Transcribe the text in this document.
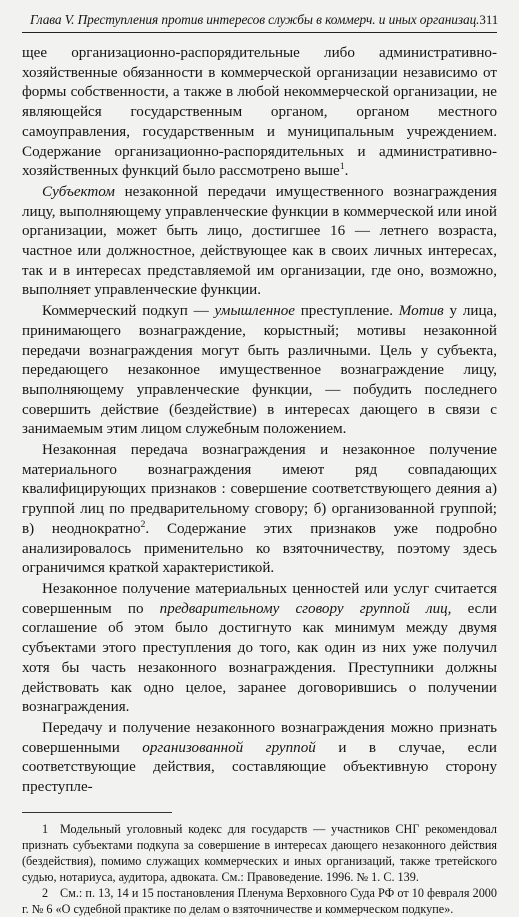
Глава V. Преступления против интересов службы в коммерч. и иных организац. 311

щее организационно-распорядительные либо административно-хозяйственные обязанности в коммерческой организации независимо от формы собственности, а также в любой некоммерческой организации, не являющейся государственным органом, органом местного самоуправления, государственным и муниципальным учреждением. Содержание организационно-распорядительных и административно-хозяйственных функций было рассмотрено выше$^1$.

Субъектом незаконной передачи имущественного вознаграждения лицу, выполняющему управленческие функции в коммерческой или иной организации, может быть лицо, достигшее 16 — летнего возраста, частное или должностное, действующее как в своих личных интересах, так и в интересах представляемой им организации, где оно, возможно, выполняет управленческие функции.

Коммерческий подкуп — умышленное преступление. Мотив у лица, принимающего вознаграждение, корыстный; мотивы незаконной передачи вознаграждения могут быть различными. Цель у субъекта, передающего незаконное имущественное вознаграждение лицу, выполняющему управленческие функции, — побудить последнего совершить действие (бездействие) в интересах дающего в связи с занимаемым этим лицом служебным положением.

Незаконная передача вознаграждения и незаконное получение материального вознаграждения имеют ряд совпадающих квалифицирующих признаков : совершение соответствующего деяния а) группой лиц по предварительному сговору; б) организованной группой; в) неоднократно$^2$. Содержание этих признаков уже подробно анализировалось применительно ко взяточничеству, поэтому здесь ограничимся краткой характеристикой.

Незаконное получение материальных ценностей или услуг считается совершенным по предварительному сговору группой лиц, если соглашение об этом было достигнуто как минимум между двумя субъектами этого преступления до того, как один из них уже получил хотя бы часть незаконного вознаграждения. Преступники должны действовать как одно целое, заранее договорившись о получении вознаграждения.

Передачу и получение незаконного вознаграждения можно признать совершенными организованной группой и в случае, если соответствующие действия, составляющие объективную сторону преступле-

1 Модельный уголовный кодекс для государств — участников СНГ рекомендовал признать субъектами подкупа за совершение в интересах дающего незаконного действия (бездействия), помимо служащих коммерческих и иных организаций, также третейского судью, нотариуса, аудитора, адвоката. См.: Правоведение. 1996. № 1. С. 139.

2 См.: п. 13, 14 и 15 постановления Пленума Верховного Суда РФ от 10 февраля 2000 г. № 6 «О судебной практике по делам о взяточничестве и коммерческом подкупе».
